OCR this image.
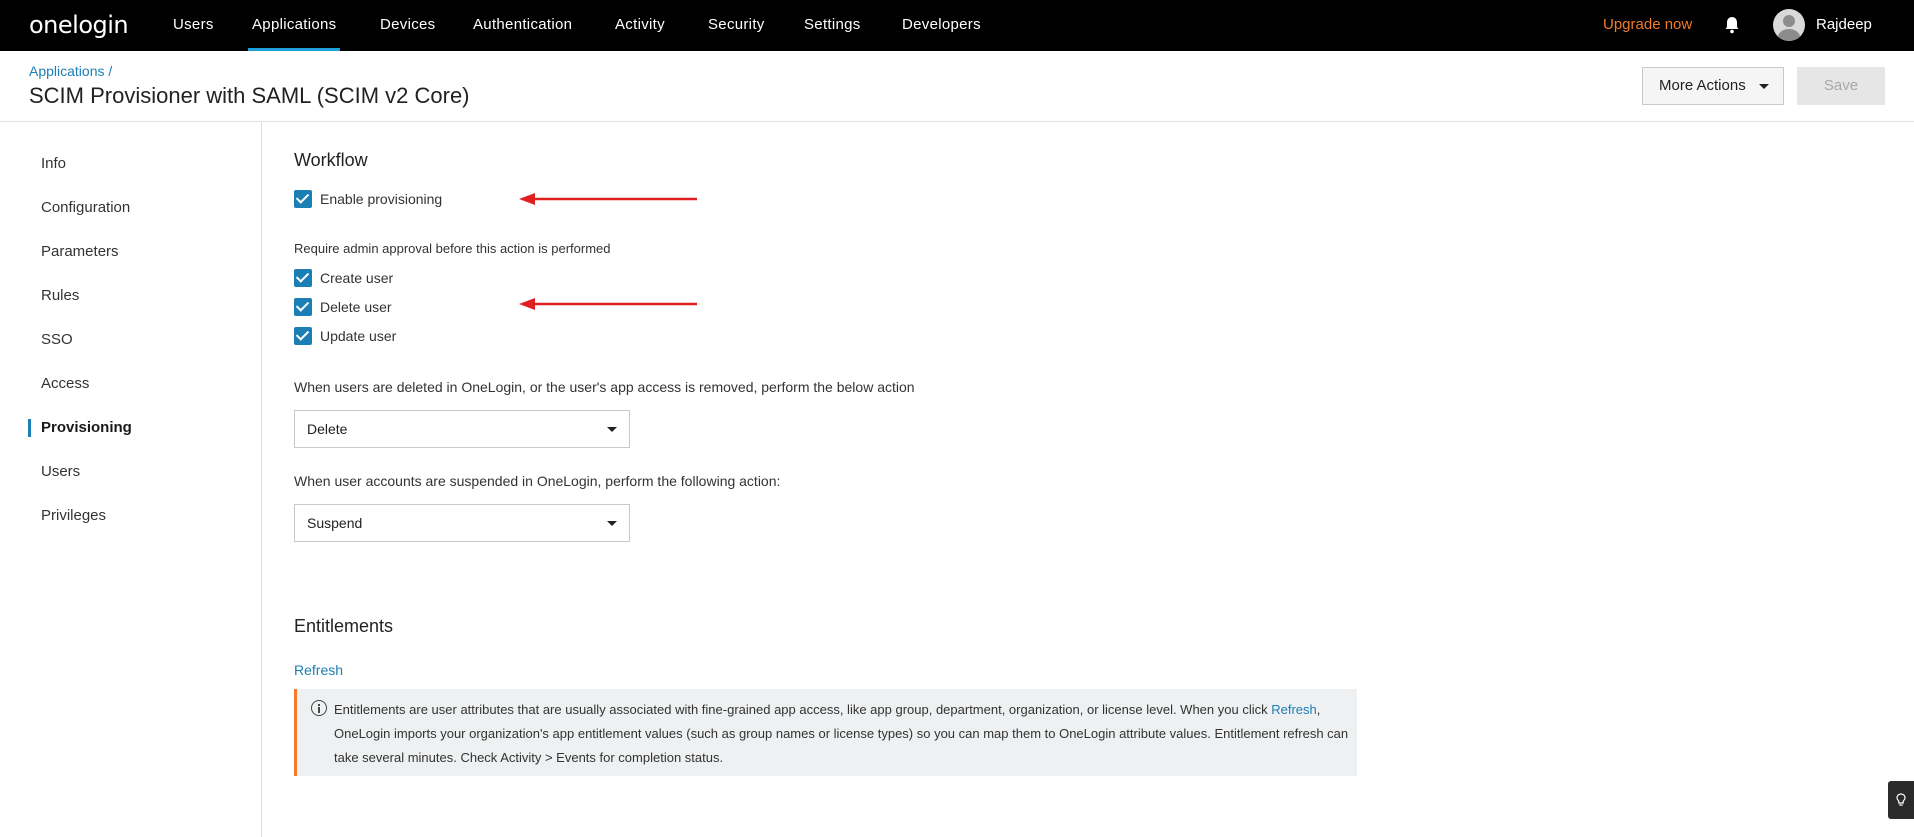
onelogin	Users	Applications	Devices	Authentication	Activity	Security	Settings	Developers	Upgrade now	Rajdeep
Applications /
SCIM Provisioner with SAML (SCIM v2 Core)	More Actions	Save
Info
Configuration
Parameters
Rules
SSO
Access
Provisioning
Users
Privileges
Workflow
Enable provisioning
Require admin approval before this action is performed
Create user
Delete user
Update user
When users are deleted in OneLogin, or the user's app access is removed, perform the below action
Delete
When user accounts are suspended in OneLogin, perform the following action:
Suspend
Entitlements
Refresh
Entitlements are user attributes that are usually associated with fine-grained app access, like app group, department, organization, or license level. When you click Refresh, OneLogin imports your organization's app entitlement values (such as group names or license types) so you can map them to OneLogin attribute values. Entitlement refresh can take several minutes. Check Activity > Events for completion status.
